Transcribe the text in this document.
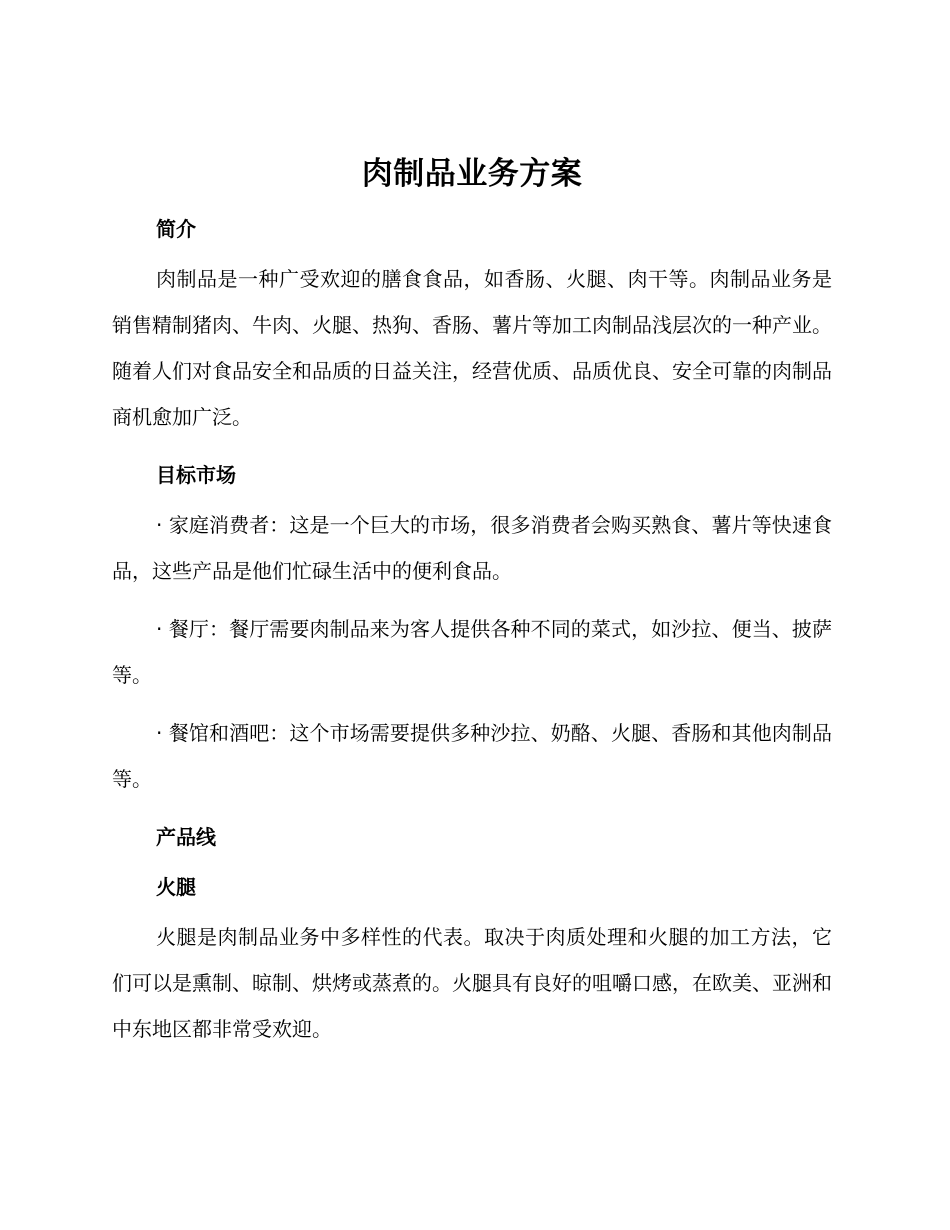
肉制品业务方案
简介

肉制品是一种广受欢迎的膳食食品，如香肠、火腿、肉干等。肉制品业务是销售精制猪肉、牛肉、火腿、热狗、香肠、薯片等加工肉制品浅层次的一种产业。随着人们对食品安全和品质的日益关注，经营优质、品质优良、安全可靠的肉制品商机愈加广泛。

目标市场

· 家庭消费者：这是一个巨大的市场，很多消费者会购买熟食、薯片等快速食品，这些产品是他们忙碌生活中的便利食品。

· 餐厅：餐厅需要肉制品来为客人提供各种不同的菜式，如沙拉、便当、披萨等。

· 餐馆和酒吧：这个市场需要提供多种沙拉、奶酪、火腿、香肠和其他肉制品等。

产品线
火腿

火腿是肉制品业务中多样性的代表。取决于肉质处理和火腿的加工方法，它们可以是熏制、晾制、烘烤或蒸煮的。火腿具有良好的咀嚼口感，在欧美、亚洲和中东地区都非常受欢迎。
